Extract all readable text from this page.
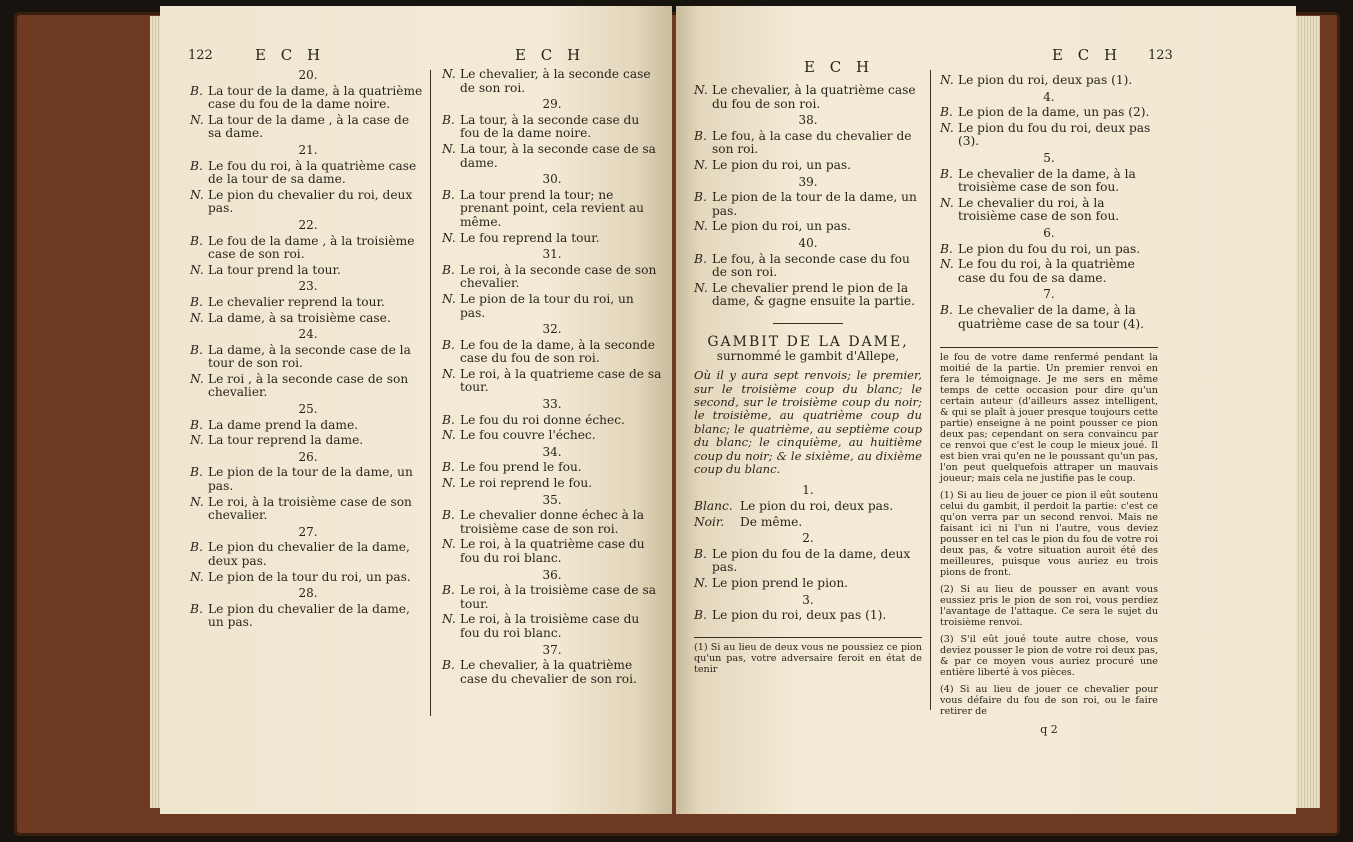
122	E C H	E C H
20.
B. La tour de la dame, à la quatrième case du fou de la dame noire.
N. La tour de la dame , à la case de sa dame.
21.
B. Le fou du roi, à la quatrième case de la tour de sa dame.
N. Le pion du chevalier du roi, deux pas.
22.
B. Le fou de la dame , à la troisième case de son roi.
N. La tour prend la tour.
23.
B. Le chevalier reprend la tour.
N. La dame, à sa troisième case.
24.
B. La dame, à la seconde case de la tour de son roi.
N. Le roi , à la seconde case de son chevalier.
25.
B. La dame prend la dame.
N. La tour reprend la dame.
26.
B. Le pion de la tour de la dame, un pas.
N. Le roi, à la troisième case de son chevalier.
27.
B. Le pion du chevalier de la dame, deux pas.
N. Le pion de la tour du roi, un pas.
28.
B. Le pion du chevalier de la dame, un pas.
N. Le chevalier, à la seconde case de son roi.
29.
B. La tour, à la seconde case du fou de la dame noire.
N. La tour, à la seconde case de sa dame.
30.
B. La tour prend la tour; ne prenant point, cela revient au même.
N. Le fou reprend la tour.
31.
B. Le roi, à la seconde case de son chevalier.
N. Le pion de la tour du roi, un pas.
32.
B. Le fou de la dame, à la seconde case du fou de son roi.
N. Le roi, à la quatrieme case de sa tour.
33.
B. Le fou du roi donne échec.
N. Le fou couvre l'échec.
34.
B. Le fou prend le fou.
N. Le roi reprend le fou.
35.
B. Le chevalier donne échec à la troisième case de son roi.
N. Le roi, à la quatrième case du fou du roi blanc.
36.
B. Le roi, à la troisième case de sa tour.
N. Le roi, à la troisième case du fou du roi blanc.
37.
B. Le chevalier, à la quatrième case du chevalier de son roi.
E C H
E C H 123
N. Le chevalier, à la quatrième case du fou de son roi.
38.
B. Le fou, à la case du chevalier de son roi.
N. Le pion du roi, un pas.
39.
B. Le pion de la tour de la dame, un pas.
N. Le pion du roi, un pas.
40.
B. Le fou, à la seconde case du fou de son roi.
N. Le chevalier prend le pion de la dame, & gagne ensuite la partie.
GAMBIT DE LA DAME,
surnommé le gambit d'Allepe,
Où il y aura sept renvois; le premier, sur le troisième coup du blanc; le second, sur le troisième coup du noir; le troisième, au quatrième coup du blanc; le quatrième, au septième coup du blanc; le cinquième, au huitième coup du noir; & le sixième, au dixième coup du blanc.
1.
Blanc. Le pion du roi, deux pas.
Noir.	De même.
2.
B. Le pion du fou de la dame, deux pas.
N. Le pion prend le pion.
3.
B. Le pion du roi, deux pas (1).
(1) Si au lieu de deux vous ne poussiez ce pion qu'un pas, votre adversaire feroit en état de tenir
N. Le pion du roi, deux pas (1).
4.
B. Le pion de la dame, un pas (2).
N. Le pion du fou du roi, deux pas (3).
5.
B. Le chevalier de la dame, à la troisième case de son fou.
N. Le chevalier du roi, à la troisième case de son fou.
6.
B. Le pion du fou du roi, un pas.
N. Le fou du roi, à la quatrième case du fou de sa dame.
7.
B. Le chevalier de la dame, à la quatrième case de sa tour (4).
le fou de votre dame renfermé pendant la moitié de la partie. Un premier renvoi en fera le témoignage. Je me sers en même temps de cette occasion pour dire qu'un certain auteur (d'ailleurs assez intelligent, & qui se plaît à jouer presque toujours cette partie) enseigne à ne point pousser ce pion deux pas; cependant on sera convaincu par ce renvoi que c'est le coup le mieux joué. Il est bien vrai qu'en ne le poussant qu'un pas, l'on peut quelquefois attraper un mauvais joueur; mais cela ne justifie pas le coup.
(1) Si au lieu de jouer ce pion il eût soutenu celui du gambit, il perdoit la partie: c'est ce qu'on verra par un second renvoi. Mais ne faisant ici ni l'un ni l'autre, vous deviez pousser en tel cas le pion du fou de votre roi deux pas, & votre situation auroit été des meilleures, puisque vous auriez eu trois pions de front.
(2) Si au lieu de pousser en avant vous eussiez pris le pion de son roi, vous perdiez l'avantage de l'attaque. Ce sera le sujet du troisième renvoi.
(3) S'il eût joué toute autre chose, vous deviez pousser le pion de votre roi deux pas, & par ce moyen vous auriez procuré une entière liberté à vos pièces.
(4) Si au lieu de jouer ce chevalier pour vous défaire du fou de son roi, ou le faire retirer de
q 2
